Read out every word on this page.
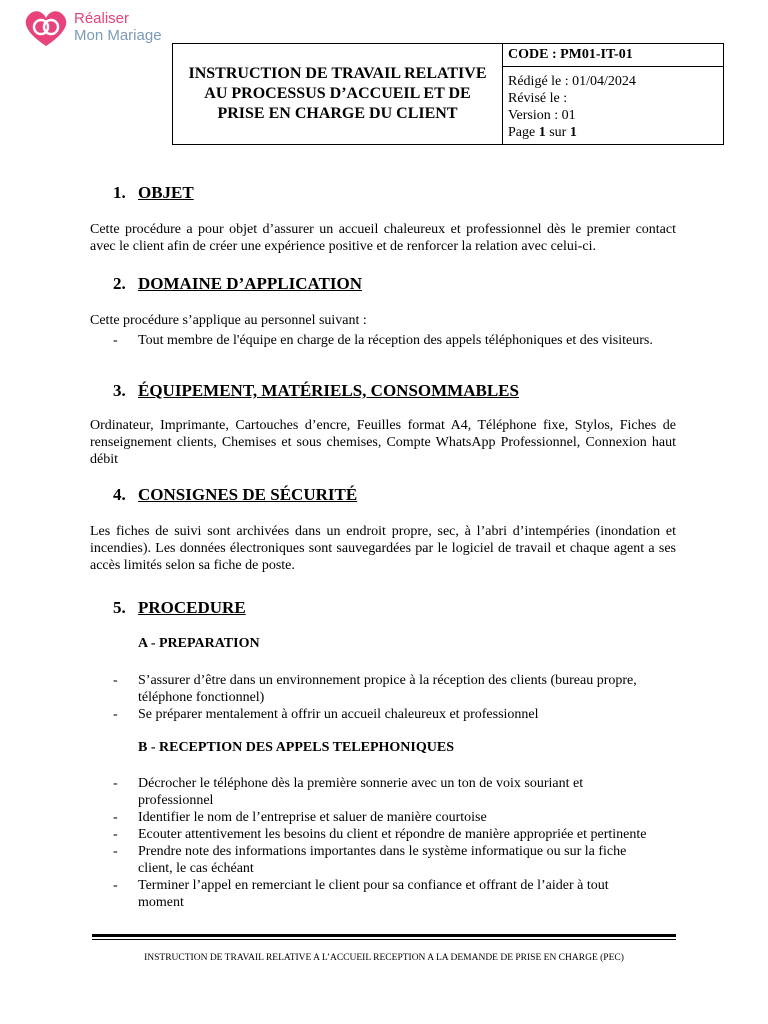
Réaliser
Mon Mariage
INSTRUCTION DE TRAVAIL RELATIVE AU PROCESSUS D’ACCUEIL ET DE PRISE EN CHARGE DU CLIENT
CODE : PM01-IT-01
Rédigé le : 01/04/2024
Révisé le :
Version : 01
Page 1 sur 1
1. OBJET

Cette procédure a pour objet d’assurer un accueil chaleureux et professionnel dès le premier contact avec le client afin de créer une expérience positive et de renforcer la relation avec celui-ci.

2. DOMAINE D’APPLICATION

Cette procédure s’applique au personnel suivant :

- Tout membre de l'équipe en charge de la réception des appels téléphoniques et des visiteurs.
3. ÉQUIPEMENT, MATÉRIELS, CONSOMMABLES

Ordinateur, Imprimante, Cartouches d’encre, Feuilles format A4, Téléphone fixe, Stylos, Fiches de renseignement clients, Chemises et sous chemises, Compte WhatsApp Professionnel, Connexion haut débit

4. CONSIGNES DE SÉCURITÉ

Les fiches de suivi sont archivées dans un endroit propre, sec, à l’abri d’intempéries (inondation et incendies). Les données électroniques sont sauvegardées par le logiciel de travail et chaque agent a ses accès limités selon sa fiche de poste.

5. PROCEDURE
A - PREPARATION
- S’assurer d’être dans un environnement propice à la réception des clients (bureau propre, téléphone fonctionnel)
- Se préparer mentalement à offrir un accueil chaleureux et professionnel
B - RECEPTION DES APPELS TELEPHONIQUES
- Décrocher le téléphone dès la première sonnerie avec un ton de voix souriant et professionnel
- Identifier le nom de l’entreprise et saluer de manière courtoise
- Ecouter attentivement les besoins du client et répondre de manière appropriée et pertinente
- Prendre note des informations importantes dans le système informatique ou sur la fiche client, le cas échéant
- Terminer l’appel en remerciant le client pour sa confiance et offrant de l’aider à tout moment
INSTRUCTION DE TRAVAIL RELATIVE A L’ACCUEIL RECEPTION A LA DEMANDE DE PRISE EN CHARGE (PEC)
